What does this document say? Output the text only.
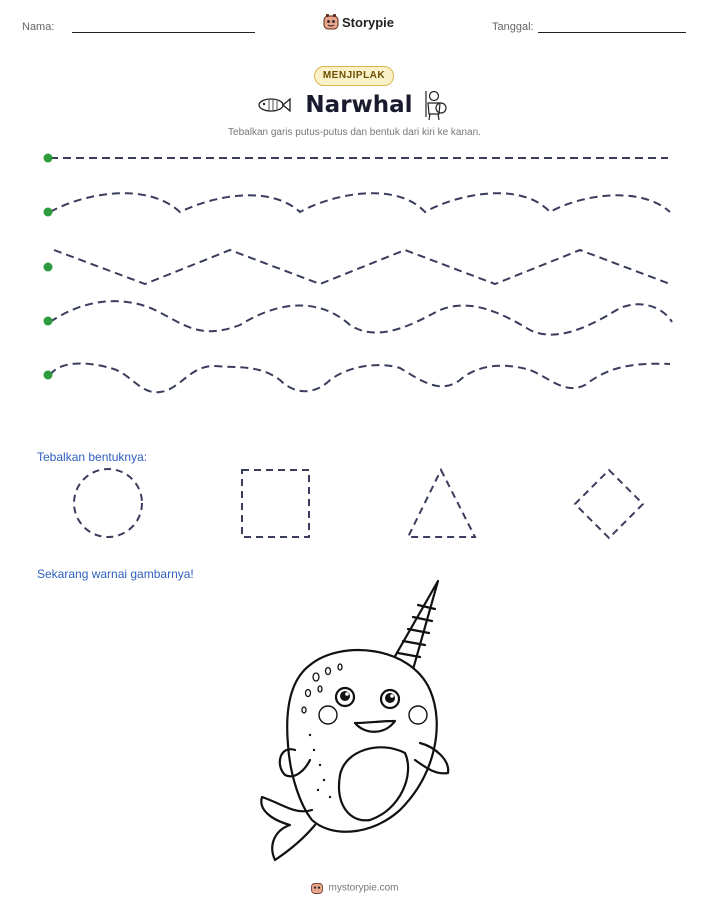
Nama:	Storypie	Tanggal:
MENJIPLAK
Narwhal
Tebalkan garis putus-putus dan bentuk dari kiri ke kanan.
Tebalkan bentuknya:
Sekarang warnai gambarnya!
mystorypie.com
